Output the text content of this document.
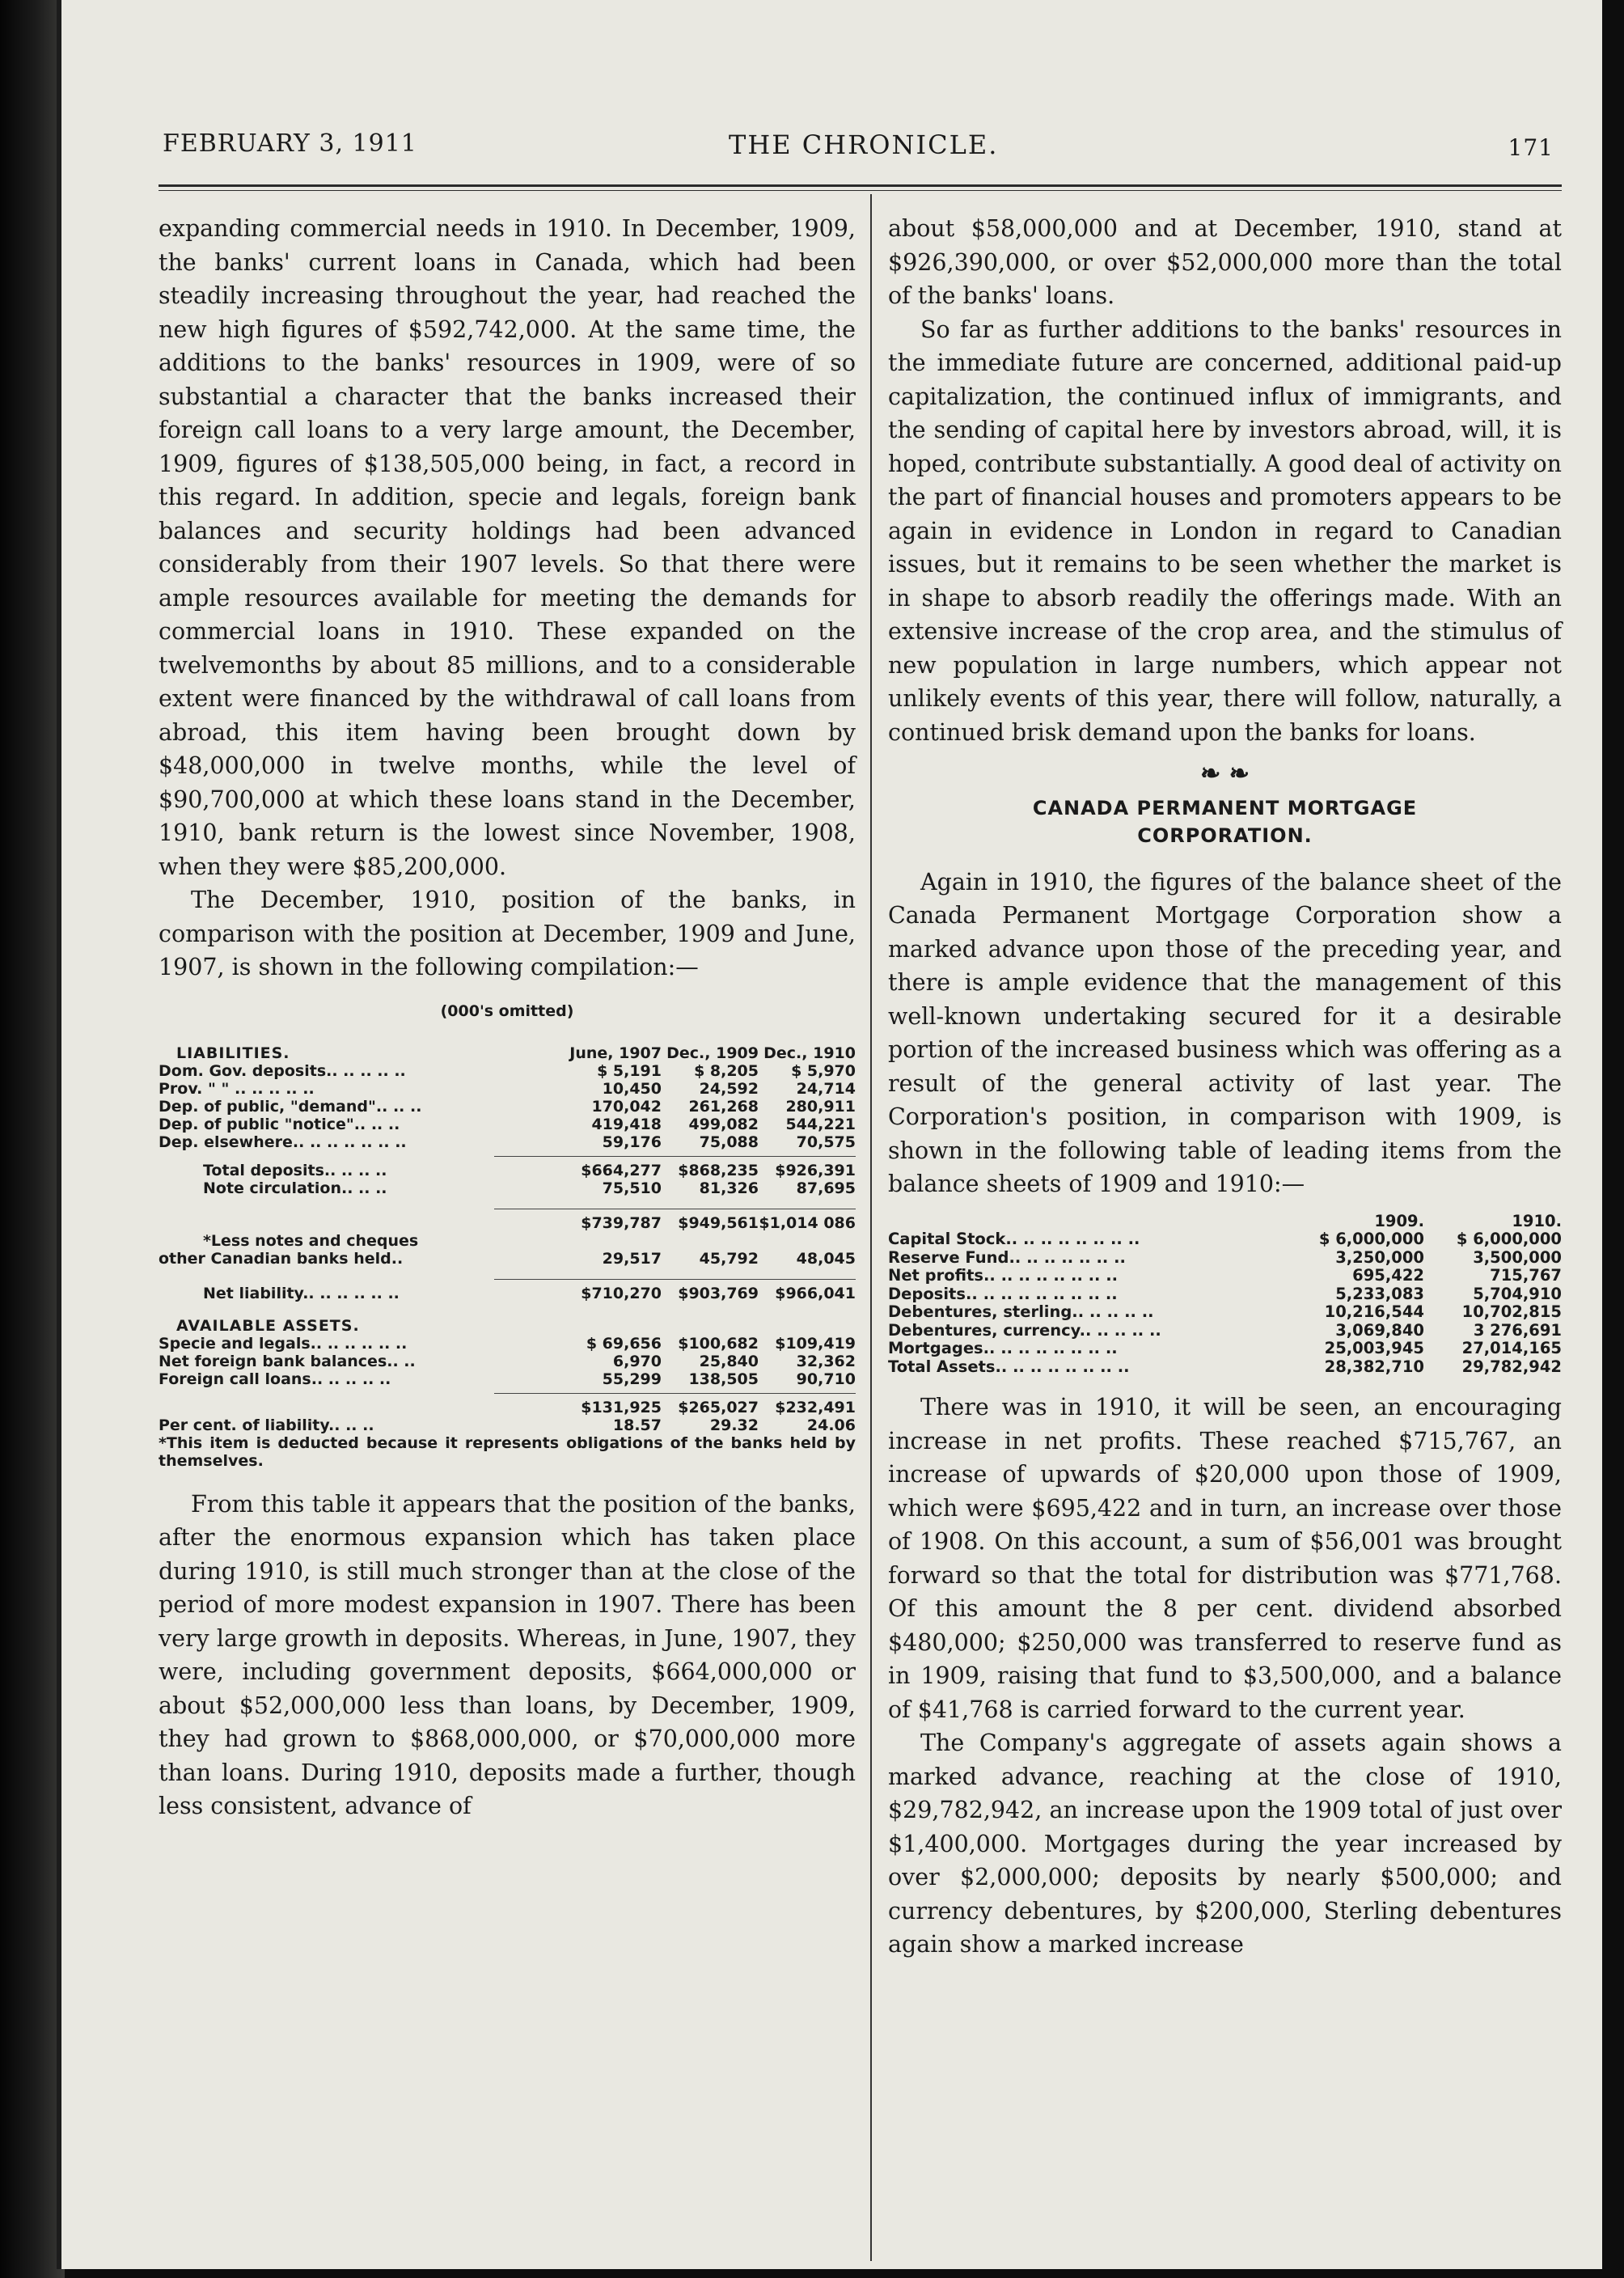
FEBRUARY 3, 1911	THE CHRONICLE.	171

expanding commercial needs in 1910. In December, 1909, the banks' current loans in Canada, which had been steadily increasing throughout the year, had reached the new high figures of $592,742,000. At the same time, the additions to the banks' resources in 1909, were of so substantial a character that the banks increased their foreign call loans to a very large amount, the December, 1909, figures of $138,505,000 being, in fact, a record in this regard. In addition, specie and legals, foreign bank balances and security holdings had been advanced considerably from their 1907 levels. So that there were ample resources available for meeting the demands for commercial loans in 1910. These expanded on the twelvemonths by about 85 millions, and to a considerable extent were financed by the withdrawal of call loans from abroad, this item having been brought down by $48,000,000 in twelve months, while the level of $90,700,000 at which these loans stand in the December, 1910, bank return is the lowest since November, 1908, when they were $85,200,000.

The December, 1910, position of the banks, in comparison with the position at December, 1909 and June, 1907, is shown in the following compilation:—

(000's omitted)
LIABILITIES.	June, 1907 Dec., 1909 Dec., 1910
Dom. Gov. deposits.. .. .. .. ..	$ 5,191	$ 8,205	$ 5,970
Prov. " " .. .. .. .. ..	10,450	24,592	24,714
Dep. of public, "demand".. .. ..	170,042	261,268	280,911
Dep. of public "notice".. .. ..	419,418	499,082	544,221
Dep. elsewhere.. .. .. .. .. .. ..	59,176	75,088	70,575
Total deposits.. .. .. ..	$664,277	$868,235	$926,391
Note circulation.. .. ..	75,510	81,326	87,695
$739,787	$949,561 $1,014 086
*Less notes and cheques
other Canadian banks held..	29,517	45,792	48,045
Net liability.. .. .. .. .. ..	$710,270	$903,769	$966,041
AVAILABLE ASSETS.
Specie and legals.. .. .. .. .. ..	$ 69,656	$100,682	$109,419
Net foreign bank balances.. ..	6,970	25,840	32,362
Foreign call loans.. .. .. .. ..	55,299	138,505	90,710
$131,925	$265,027	$232,491
Per cent. of liability.. .. ..	18.57	29.32	24.06
*This item is deducted because it represents obligations of the banks held by themselves.

From this table it appears that the position of the banks, after the enormous expansion which has taken place during 1910, is still much stronger than at the close of the period of more modest expansion in 1907. There has been very large growth in deposits. Whereas, in June, 1907, they were, including government deposits, $664,000,000 or about $52,000,000 less than loans, by December, 1909, they had grown to $868,000,000, or $70,000,000 more than loans. During 1910, deposits made a further, though less consistent, advance of

about $58,000,000 and at December, 1910, stand at $926,390,000, or over $52,000,000 more than the total of the banks' loans.

So far as further additions to the banks' resources in the immediate future are concerned, additional paid-up capitalization, the continued influx of immigrants, and the sending of capital here by investors abroad, will, it is hoped, contribute substantially. A good deal of activity on the part of financial houses and promoters appears to be again in evidence in London in regard to Canadian issues, but it remains to be seen whether the market is in shape to absorb readily the offerings made. With an extensive increase of the crop area, and the stimulus of new population in large numbers, which appear not unlikely events of this year, there will follow, naturally, a continued brisk demand upon the banks for loans.

❧ ❧
CANADA PERMANENT MORTGAGE
CORPORATION.

Again in 1910, the figures of the balance sheet of the Canada Permanent Mortgage Corporation show a marked advance upon those of the preceding year, and there is ample evidence that the management of this well-known undertaking secured for it a desirable portion of the increased business which was offering as a result of the general activity of last year. The Corporation's position, in comparison with 1909, is shown in the following table of leading items from the balance sheets of 1909 and 1910:—

1909.	1910.
Capital Stock.. .. .. .. .. .. .. ..	$ 6,000,000	$ 6,000,000
Reserve Fund.. .. .. .. .. .. ..	3,250,000	3,500,000
Net profits.. .. .. .. .. .. .. ..	695,422	715,767
Deposits.. .. .. .. .. .. .. .. ..	5,233,083	5,704,910
Debentures, sterling.. .. .. .. ..	10,216,544	10,702,815
Debentures, currency.. .. .. .. ..	3,069,840	3 276,691
Mortgages.. .. .. .. .. .. .. ..	25,003,945	27,014,165
Total Assets.. .. .. .. .. .. .. ..	28,382,710	29,782,942

There was in 1910, it will be seen, an encouraging increase in net profits. These reached $715,767, an increase of upwards of $20,000 upon those of 1909, which were $695,422 and in turn, an increase over those of 1908. On this account, a sum of $56,001 was brought forward so that the total for distribution was $771,768. Of this amount the 8 per cent. dividend absorbed $480,000; $250,000 was transferred to reserve fund as in 1909, raising that fund to $3,500,000, and a balance of $41,768 is carried forward to the current year.

The Company's aggregate of assets again shows a marked advance, reaching at the close of 1910, $29,782,942, an increase upon the 1909 total of just over $1,400,000. Mortgages during the year increased by over $2,000,000; deposits by nearly $500,000; and currency debentures, by $200,000, Sterling debentures again show a marked increase
